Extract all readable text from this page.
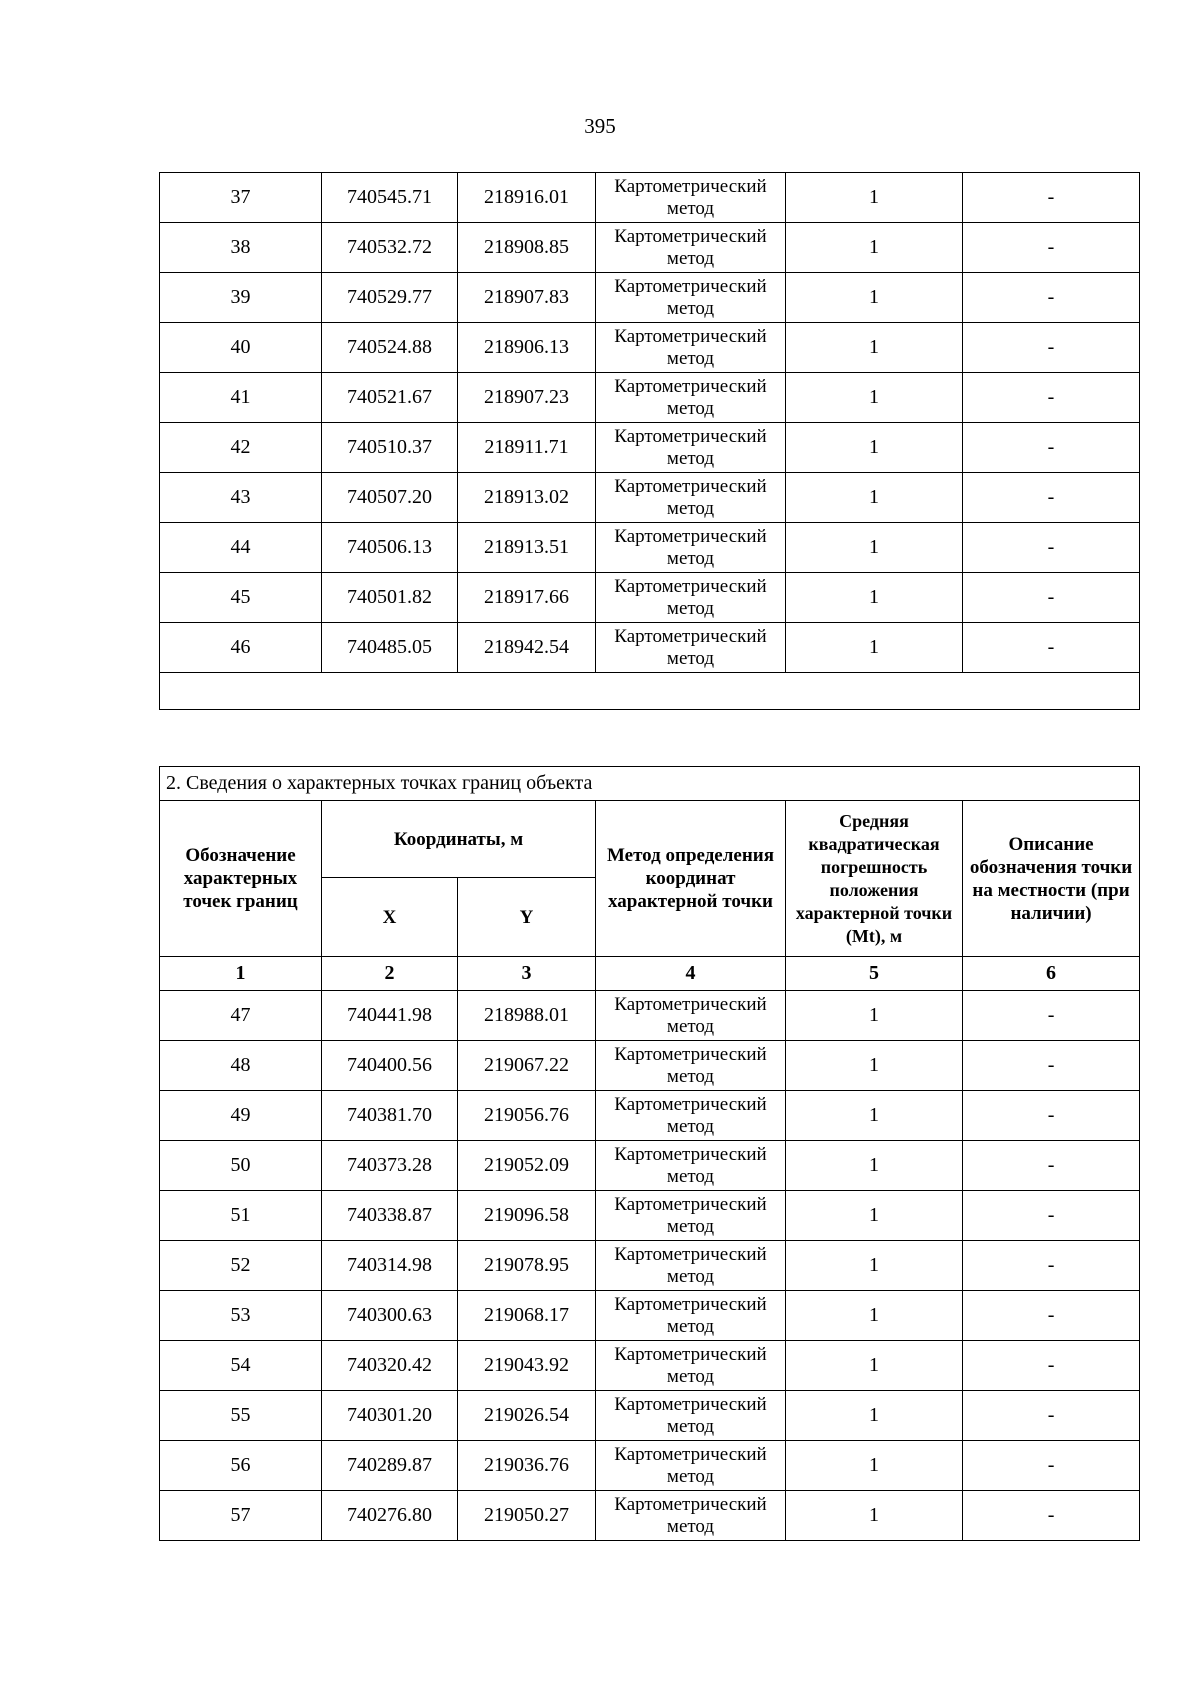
395
37	740545.71	218916.01	Картометрический метод	1	-
38	740532.72	218908.85	Картометрический метод	1	-
39	740529.77	218907.83	Картометрический метод	1	-
40	740524.88	218906.13	Картометрический метод	1	-
41	740521.67	218907.23	Картометрический метод	1	-
42	740510.37	218911.71	Картометрический метод	1	-
43	740507.20	218913.02	Картометрический метод	1	-
44	740506.13	218913.51	Картометрический метод	1	-
45	740501.82	218917.66	Картометрический метод	1	-
46	740485.05	218942.54	Картометрический метод	1	-

2. Сведения о характерных точках границ объекта					
Обозначение характерных точек границ	Координаты, м		Метод определения координат характерной точки	Средняя квадратическая погрешность положения характерной точки (Mt), м	Описание обозначения точки на местности (при наличии)
	X	Y			
1	2	3	4	5	6
47	740441.98	218988.01	Картометрический метод	1	-
48	740400.56	219067.22	Картометрический метод	1	-
49	740381.70	219056.76	Картометрический метод	1	-
50	740373.28	219052.09	Картометрический метод	1	-
51	740338.87	219096.58	Картометрический метод	1	-
52	740314.98	219078.95	Картометрический метод	1	-
53	740300.63	219068.17	Картометрический метод	1	-
54	740320.42	219043.92	Картометрический метод	1	-
55	740301.20	219026.54	Картометрический метод	1	-
56	740289.87	219036.76	Картометрический метод	1	-
57	740276.80	219050.27	Картометрический метод	1	-
